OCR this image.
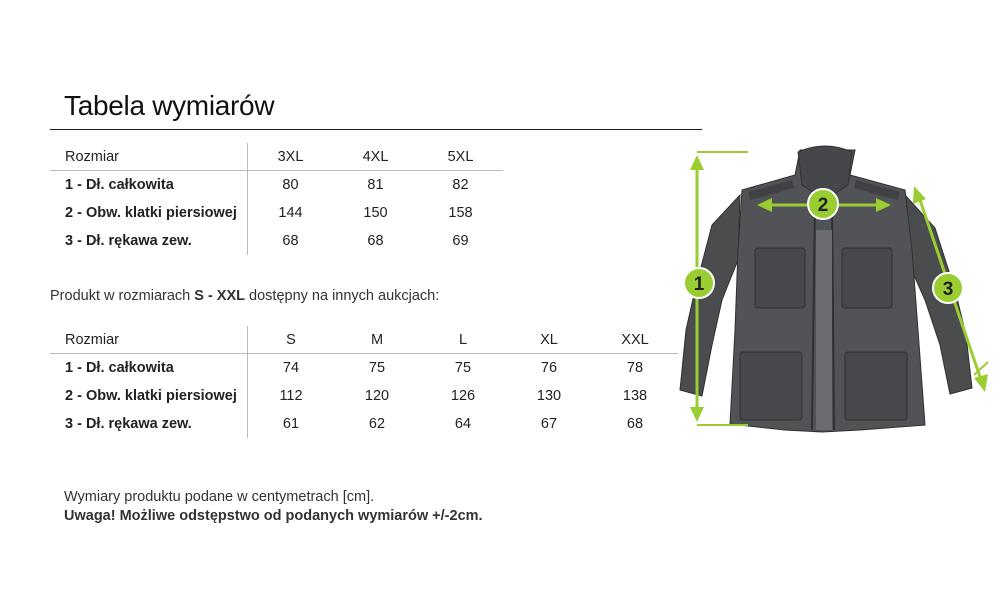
Tabela wymiarów
Rozmiar	3XL	4XL	5XL
1 - Dł. całkowita	80	81	82
2 - Obw. klatki piersiowej	144	150	158
3 - Dł. rękawa zew.	68	68	69
Produkt w rozmiarach S - XXL dostępny na innych aukcjach:
Rozmiar	S	M	L	XL	XXL
1 - Dł. całkowita	74	75	75	76	78
2 - Obw. klatki piersiowej	112	120	126	130	138
3 - Dł. rękawa zew.	61	62	64	67	68
Wymiary produktu podane w centymetrach [cm].
Uwaga! Możliwe odstępstwo od podanych wymiarów +/-2cm.
1
2
3
